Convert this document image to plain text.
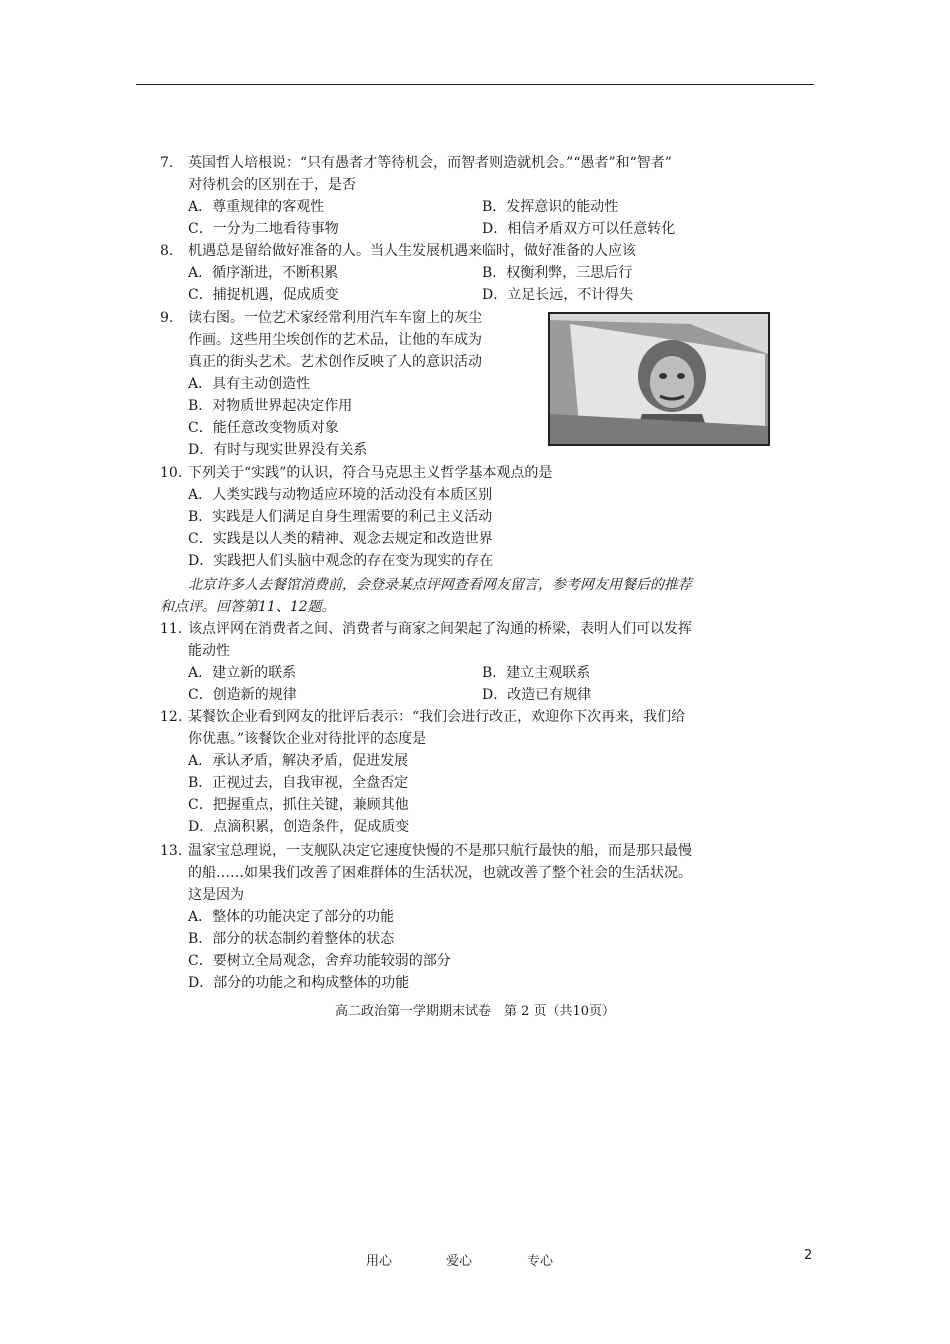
7. 英国哲人培根说：“只有愚者才等待机会，而智者则造就机会。”“愚者”和“智者”
对待机会的区别在于，是否
A．尊重规律的客观性	B．发挥意识的能动性
C．一分为二地看待事物	D．相信矛盾双方可以任意转化
8. 机遇总是留给做好准备的人。当人生发展机遇来临时，做好准备的人应该
A．循序渐进，不断积累	B．权衡利弊，三思后行
C．捕捉机遇，促成质变	D．立足长远，不计得失
9. 读右图。一位艺术家经常利用汽车车窗上的灰尘
作画。这些用尘埃创作的艺术品，让他的车成为
真正的街头艺术。艺术创作反映了人的意识活动
A．具有主动创造性
B．对物质世界起决定作用
C．能任意改变物质对象
D．有时与现实世界没有关系
10. 下列关于“实践”的认识，符合马克思主义哲学基本观点的是
A．人类实践与动物适应环境的活动没有本质区别
B．实践是人们满足自身生理需要的利己主义活动
C．实践是以人类的精神、观念去规定和改造世界
D．实践把人们头脑中观念的存在变为现实的存在
北京许多人去餐馆消费前，会登录某点评网查看网友留言，参考网友用餐后的推荐
和点评。回答第11、12题。
11. 该点评网在消费者之间、消费者与商家之间架起了沟通的桥梁，表明人们可以发挥
能动性
A．建立新的联系	B．建立主观联系
C．创造新的规律	D．改造已有规律
12. 某餐饮企业看到网友的批评后表示：“我们会进行改正，欢迎你下次再来，我们给
你优惠。”该餐饮企业对待批评的态度是
A．承认矛盾，解决矛盾，促进发展
B．正视过去，自我审视，全盘否定
C．把握重点，抓住关键，兼顾其他
D．点滴积累，创造条件，促成质变
13. 温家宝总理说，一支舰队决定它速度快慢的不是那只航行最快的船，而是那只最慢
的船……如果我们改善了困难群体的生活状况，也就改善了整个社会的生活状况。
这是因为
A．整体的功能决定了部分的功能
B．部分的状态制约着整体的状态
C．要树立全局观念，舍弃功能较弱的部分
D．部分的功能之和构成整体的功能
高二政治第一学期期末试卷　第 2 页（共10页）
用心	爱心	专心	2
